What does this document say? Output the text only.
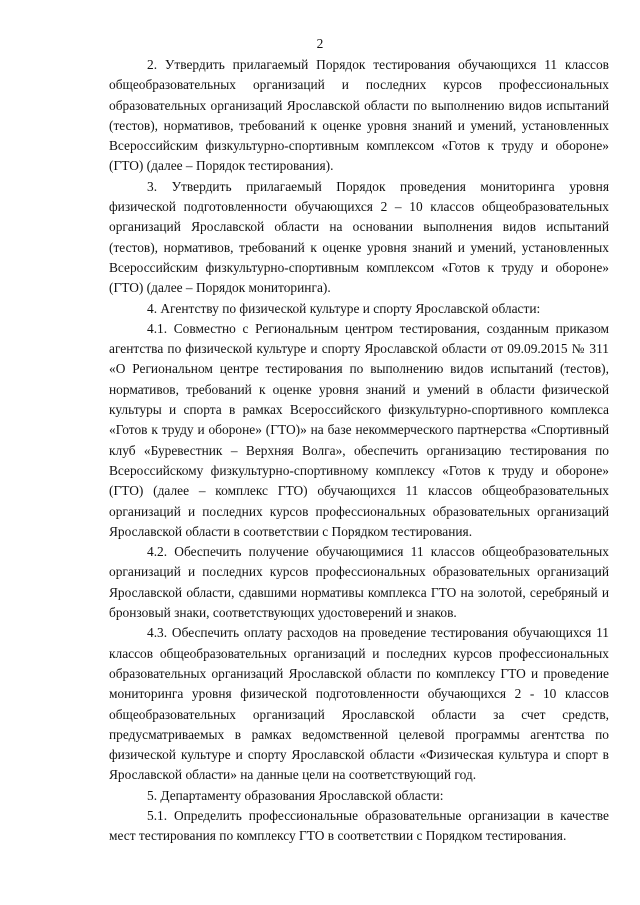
2

2. Утвердить прилагаемый Порядок тестирования обучающихся 11 классов общеобразовательных организаций и последних курсов профессиональных образовательных организаций Ярославской области по выполнению видов испытаний (тестов), нормативов, требований к оценке уровня знаний и умений, установленных Всероссийским физкультурно-спортивным комплексом «Готов к труду и обороне» (ГТО) (далее – Порядок тестирования).

3. Утвердить прилагаемый Порядок проведения мониторинга уровня физической подготовленности обучающихся 2 – 10 классов общеобразовательных организаций Ярославской области на основании выполнения видов испытаний (тестов), нормативов, требований к оценке уровня знаний и умений, установленных Всероссийским физкультурно-спортивным комплексом «Готов к труду и обороне» (ГТО) (далее – Порядок мониторинга).

4. Агентству по физической культуре и спорту Ярославской области:

4.1. Совместно с Региональным центром тестирования, созданным приказом агентства по физической культуре и спорту Ярославской области от 09.09.2015 № 311 «О Региональном центре тестирования по выполнению видов испытаний (тестов), нормативов, требований к оценке уровня знаний и умений в области физической культуры и спорта в рамках Всероссийского физкультурно-спортивного комплекса «Готов к труду и обороне» (ГТО)» на базе некоммерческого партнерства «Спортивный клуб «Буревестник – Верхняя Волга», обеспечить организацию тестирования по Всероссийскому физкультурно-спортивному комплексу «Готов к труду и обороне» (ГТО) (далее – комплекс ГТО) обучающихся 11 классов общеобразовательных организаций и последних курсов профессиональных образовательных организаций Ярославской области в соответствии с Порядком тестирования.

4.2. Обеспечить получение обучающимися 11 классов общеобразовательных организаций и последних курсов профессиональных образовательных организаций Ярославской области, сдавшими нормативы комплекса ГТО на золотой, серебряный и бронзовый знаки, соответствующих удостоверений и знаков.

4.3. Обеспечить оплату расходов на проведение тестирования обучающихся 11 классов общеобразовательных организаций и последних курсов профессиональных образовательных организаций Ярославской области по комплексу ГТО и проведение мониторинга уровня физической подготовленности обучающихся 2 - 10 классов общеобразовательных организаций Ярославской области за счет средств, предусматриваемых в рамках ведомственной целевой программы агентства по физической культуре и спорту Ярославской области «Физическая культура и спорт в Ярославской области» на данные цели на соответствующий год.

5. Департаменту образования Ярославской области:

5.1. Определить профессиональные образовательные организации в качестве мест тестирования по комплексу ГТО в соответствии с Порядком тестирования.
